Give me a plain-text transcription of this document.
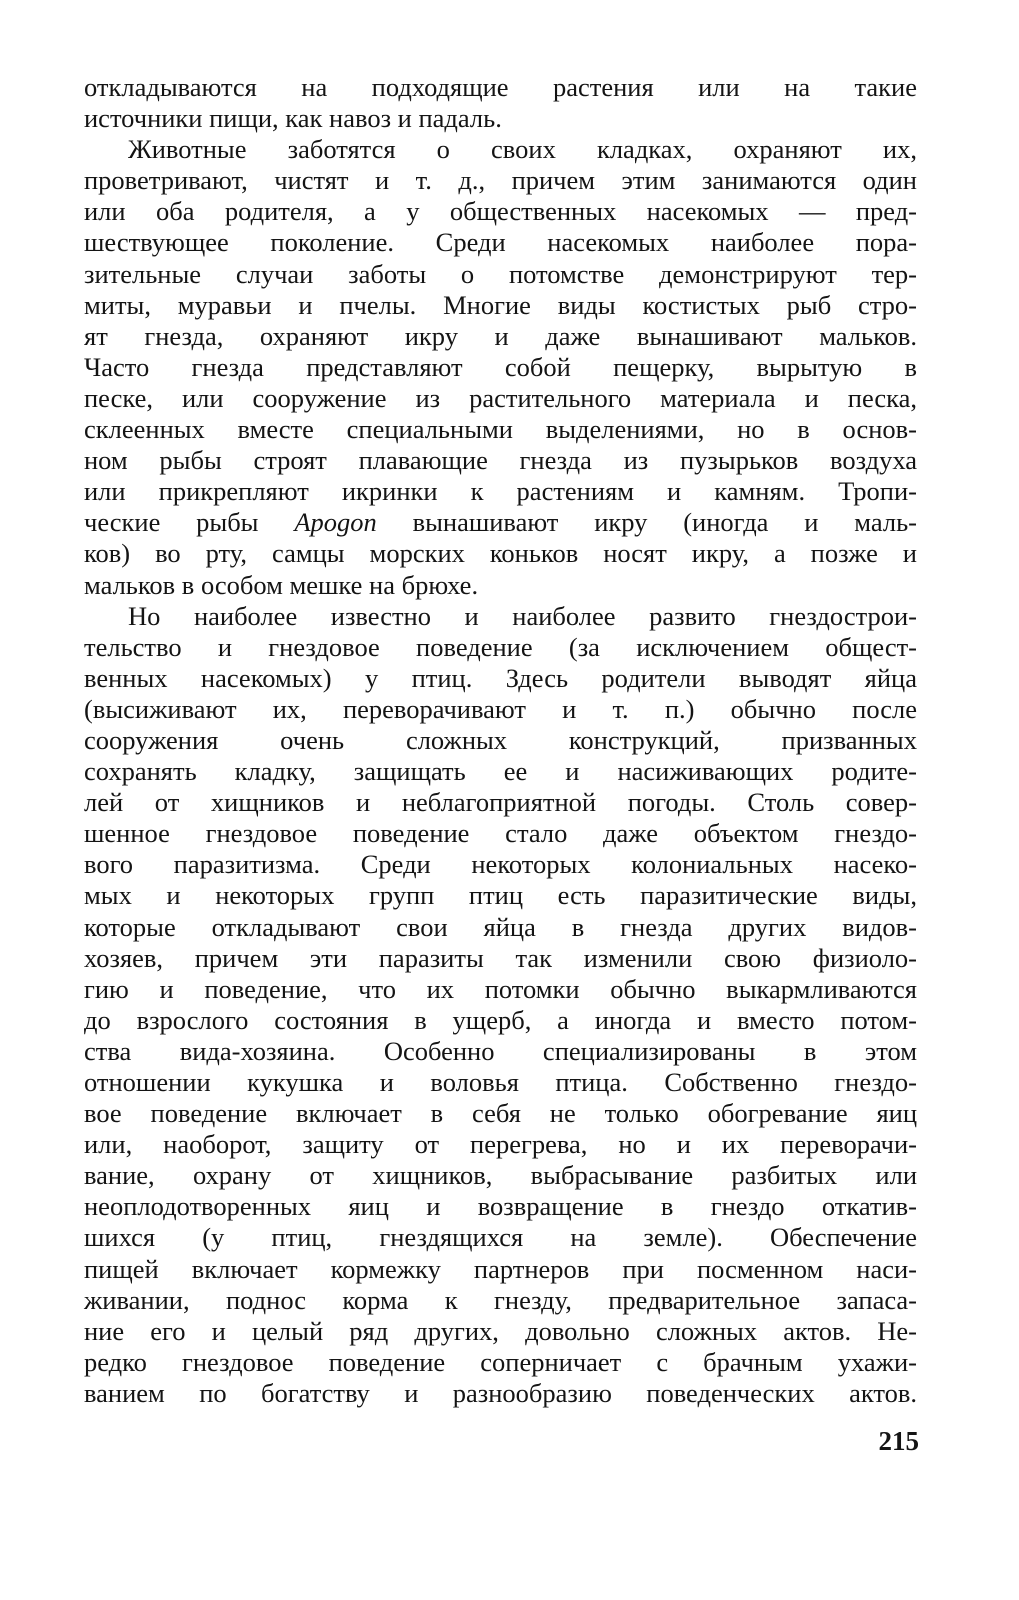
откладываются на подходящие растения или на такие
источники пищи, как навоз и падаль.
Животные заботятся о своих кладках, охраняют их,
проветривают, чистят и т. д., причем этим занимаются один
или оба родителя, а у общественных насекомых — пред-
шествующее поколение. Среди насекомых наиболее пора-
зительные случаи заботы о потомстве демонстрируют тер-
миты, муравьи и пчелы. Многие виды костистых рыб стро-
ят гнезда, охраняют икру и даже вынашивают мальков.
Часто гнезда представляют собой пещерку, вырытую в
песке, или сооружение из растительного материала и песка,
склеенных вместе специальными выделениями, но в основ-
ном рыбы строят плавающие гнезда из пузырьков воздуха
или прикрепляют икринки к растениям и камням. Тропи-
ческие рыбы Apogon вынашивают икру (иногда и маль-
ков) во рту, самцы морских коньков носят икру, а позже и
мальков в особом мешке на брюхе.
Но наиболее известно и наиболее развито гнездострои-
тельство и гнездовое поведение (за исключением общест-
венных насекомых) у птиц. Здесь родители выводят яйца
(высиживают их, переворачивают и т. п.) обычно после
сооружения очень сложных конструкций, призванных
сохранять кладку, защищать ее и насиживающих родите-
лей от хищников и неблагоприятной погоды. Столь совер-
шенное гнездовое поведение стало даже объектом гнездо-
вого паразитизма. Среди некоторых колониальных насеко-
мых и некоторых групп птиц есть паразитические виды,
которые откладывают свои яйца в гнезда других видов-
хозяев, причем эти паразиты так изменили свою физиоло-
гию и поведение, что их потомки обычно выкармливаются
до взрослого состояния в ущерб, а иногда и вместо потом-
ства вида-хозяина. Особенно специализированы в этом
отношении кукушка и воловья птица. Собственно гнездо-
вое поведение включает в себя не только обогревание яиц
или, наоборот, защиту от перегрева, но и их переворачи-
вание, охрану от хищников, выбрасывание разбитых или
неоплодотворенных яиц и возвращение в гнездо откатив-
шихся (у птиц, гнездящихся на земле). Обеспечение
пищей включает кормежку партнеров при посменном наси-
живании, поднос корма к гнезду, предварительное запаса-
ние его и целый ряд других, довольно сложных актов. Не-
редко гнездовое поведение соперничает с брачным ухажи-
ванием по богатству и разнообразию поведенческих актов.
215
